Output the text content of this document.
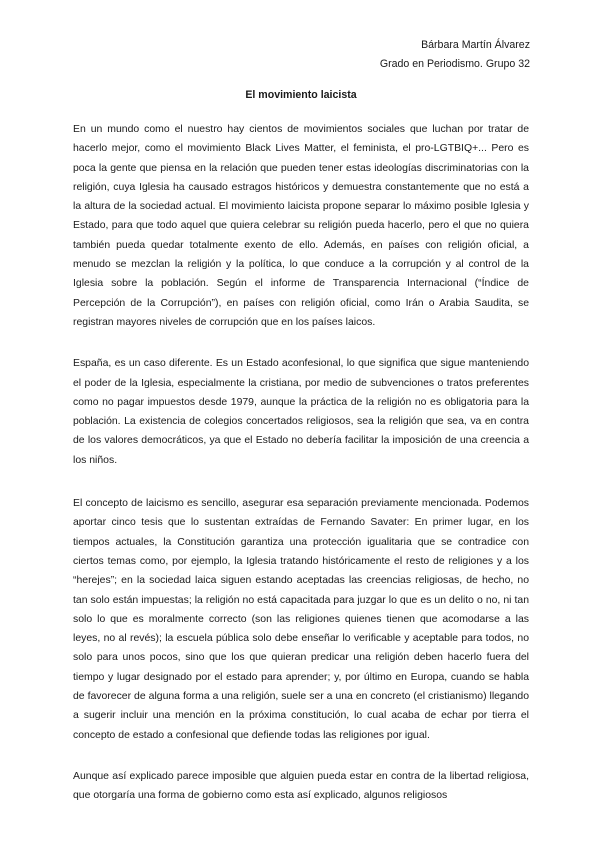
Bárbara Martín Álvarez
Grado en Periodismo. Grupo 32
El movimiento laicista

En un mundo como el nuestro hay cientos de movimientos sociales que luchan por tratar de hacerlo mejor, como el movimiento Black Lives Matter, el feminista, el pro-LGTBIQ+... Pero es poca la gente que piensa en la relación que pueden tener estas ideologías discriminatorias con la religión, cuya Iglesia ha causado estragos históricos y demuestra constantemente que no está a la altura de la sociedad actual. El movimiento laicista propone separar lo máximo posible Iglesia y Estado, para que todo aquel que quiera celebrar su religión pueda hacerlo, pero el que no quiera también pueda quedar totalmente exento de ello. Además, en países con religión oficial, a menudo se mezclan la religión y la política, lo que conduce a la corrupción y al control de la Iglesia sobre la población. Según el informe de Transparencia Internacional (“Índice de Percepción de la Corrupción”), en países con religión oficial, como Irán o Arabia Saudita, se registran mayores niveles de corrupción que en los países laicos.

España, es un caso diferente. Es un Estado aconfesional, lo que significa que sigue manteniendo el poder de la Iglesia, especialmente la cristiana, por medio de subvenciones o tratos preferentes como no pagar impuestos desde 1979, aunque la práctica de la religión no es obligatoria para la población. La existencia de colegios concertados religiosos, sea la religión que sea, va en contra de los valores democráticos, ya que el Estado no debería facilitar la imposición de una creencia a los niños.

El concepto de laicismo es sencillo, asegurar esa separación previamente mencionada. Podemos aportar cinco tesis que lo sustentan extraídas de Fernando Savater: En primer lugar, en los tiempos actuales, la Constitución garantiza una protección igualitaria que se contradice con ciertos temas como, por ejemplo, la Iglesia tratando históricamente el resto de religiones y a los “herejes”; en la sociedad laica siguen estando aceptadas las creencias religiosas, de hecho, no tan solo están impuestas; la religión no está capacitada para juzgar lo que es un delito o no, ni tan solo lo que es moralmente correcto (son las religiones quienes tienen que acomodarse a las leyes, no al revés); la escuela pública solo debe enseñar lo verificable y aceptable para todos, no solo para unos pocos, sino que los que quieran predicar una religión deben hacerlo fuera del tiempo y lugar designado por el estado para aprender; y, por último en Europa, cuando se habla de favorecer de alguna forma a una religión, suele ser a una en concreto (el cristianismo) llegando a sugerir incluir una mención en la próxima constitución, lo cual acaba de echar por tierra el concepto de estado a confesional que defiende todas las religiones por igual.

Aunque así explicado parece imposible que alguien pueda estar en contra de la libertad religiosa, que otorgaría una forma de gobierno como esta así explicado, algunos religiosos
